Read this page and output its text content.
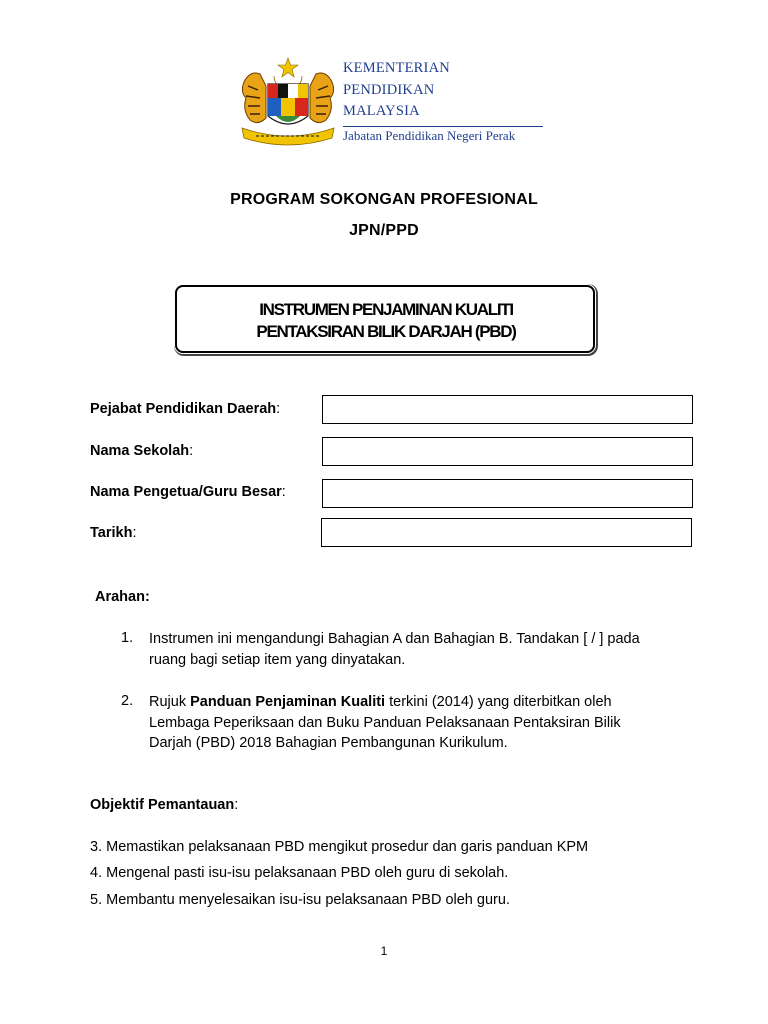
KEMENTERIAN
PENDIDIKAN
MALAYSIA
Jabatan Pendidikan Negeri Perak
PROGRAM SOKONGAN PROFESIONAL
JPN/PPD
INSTRUMEN PENJAMINAN KUALITI PENTAKSIRAN BILIK DARJAH (PBD)
Pejabat Pendidikan Daerah:
Nama Sekolah:
Nama Pengetua/Guru Besar:
Tarikh:
Arahan:
1. Instrumen ini mengandungi Bahagian A dan Bahagian B. Tandakan [ / ] pada ruang bagi setiap item yang dinyatakan.
2. Rujuk Panduan Penjaminan Kualiti terkini (2014) yang diterbitkan oleh Lembaga Peperiksaan dan Buku Panduan Pelaksanaan Pentaksiran Bilik Darjah (PBD) 2018 Bahagian Pembangunan Kurikulum.
Objektif Pemantauan:
3. Memastikan pelaksanaan PBD mengikut prosedur dan garis panduan KPM
4. Mengenal pasti isu-isu pelaksanaan PBD oleh guru di sekolah.
5. Membantu menyelesaikan isu-isu pelaksanaan PBD oleh guru.
1
